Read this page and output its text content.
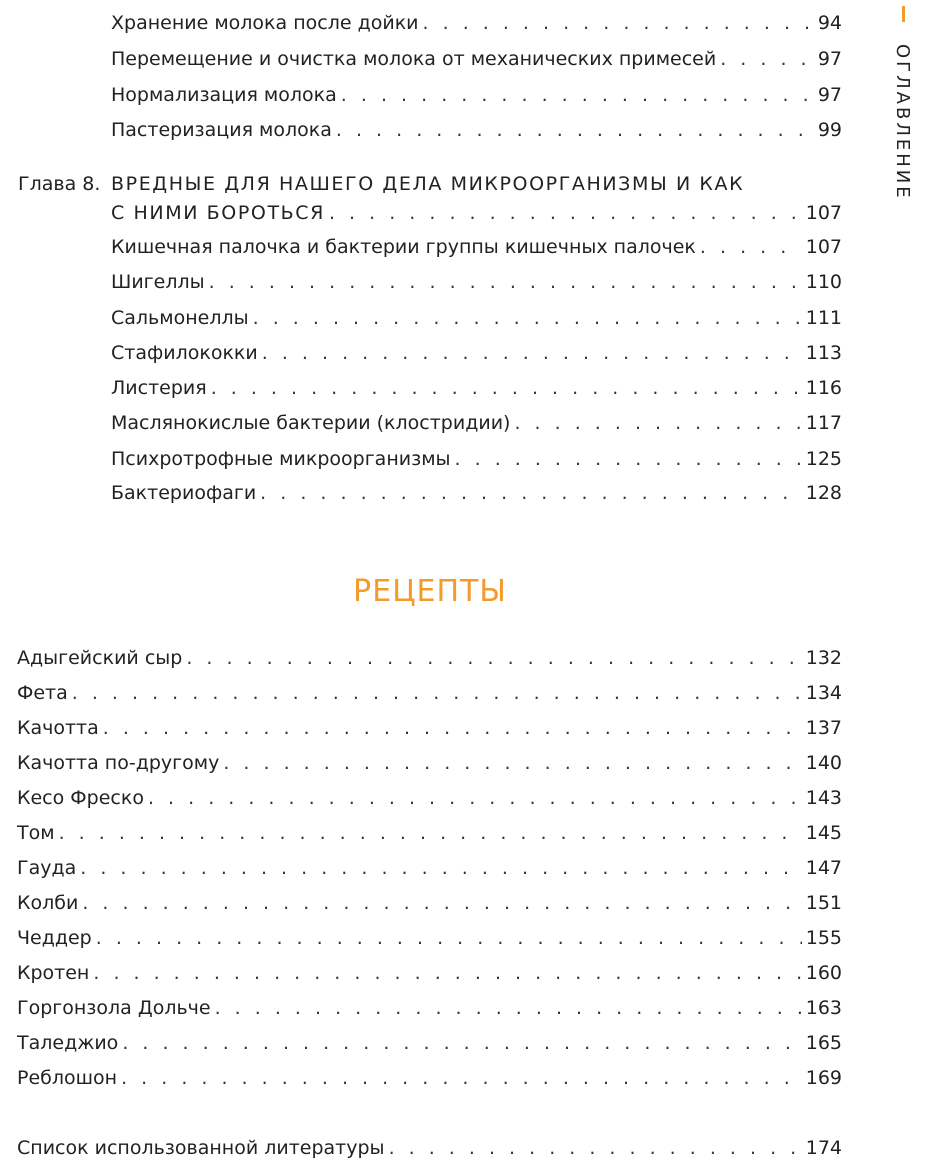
ОГЛАВЛЕНИЕ
Хранение молока после дойки . . .	94
Перемещение и очистка молока от механических примесей . . .	97
Нормализация молока . . .	97
Пастеризация молока . . .	99
Глава 8. ВРЕДНЫЕ ДЛЯ НАШЕГО ДЕЛА МИКРООРГАНИЗМЫ И КАК
С НИМИ БОРОТЬСЯ . . .	107
Кишечная палочка и бактерии группы кишечных палочек . . .	107
Шигеллы . . .	110
Сальмонеллы . . .	111
Стафилококки . . .	113
Листерия . . .	116
Маслянокислые бактерии (клостридии) . . .	117
Психротрофные микроорганизмы . . .	125
Бактериофаги . . .	128
РЕЦЕПТЫ
Адыгейский сыр . . .	132
Фета . . .	134
Качотта . . .	137
Качотта по-другому . . .	140
Кесо Фреско . . .	143
Том . . .	145
Гауда . . .	147
Колби . . .	151
Чеддер . . .	155
Кротен . . .	160
Горгонзола Дольче . . .	163
Таледжио . . .	165
Реблошон . . .	169
Список использованной литературы . . .	174
